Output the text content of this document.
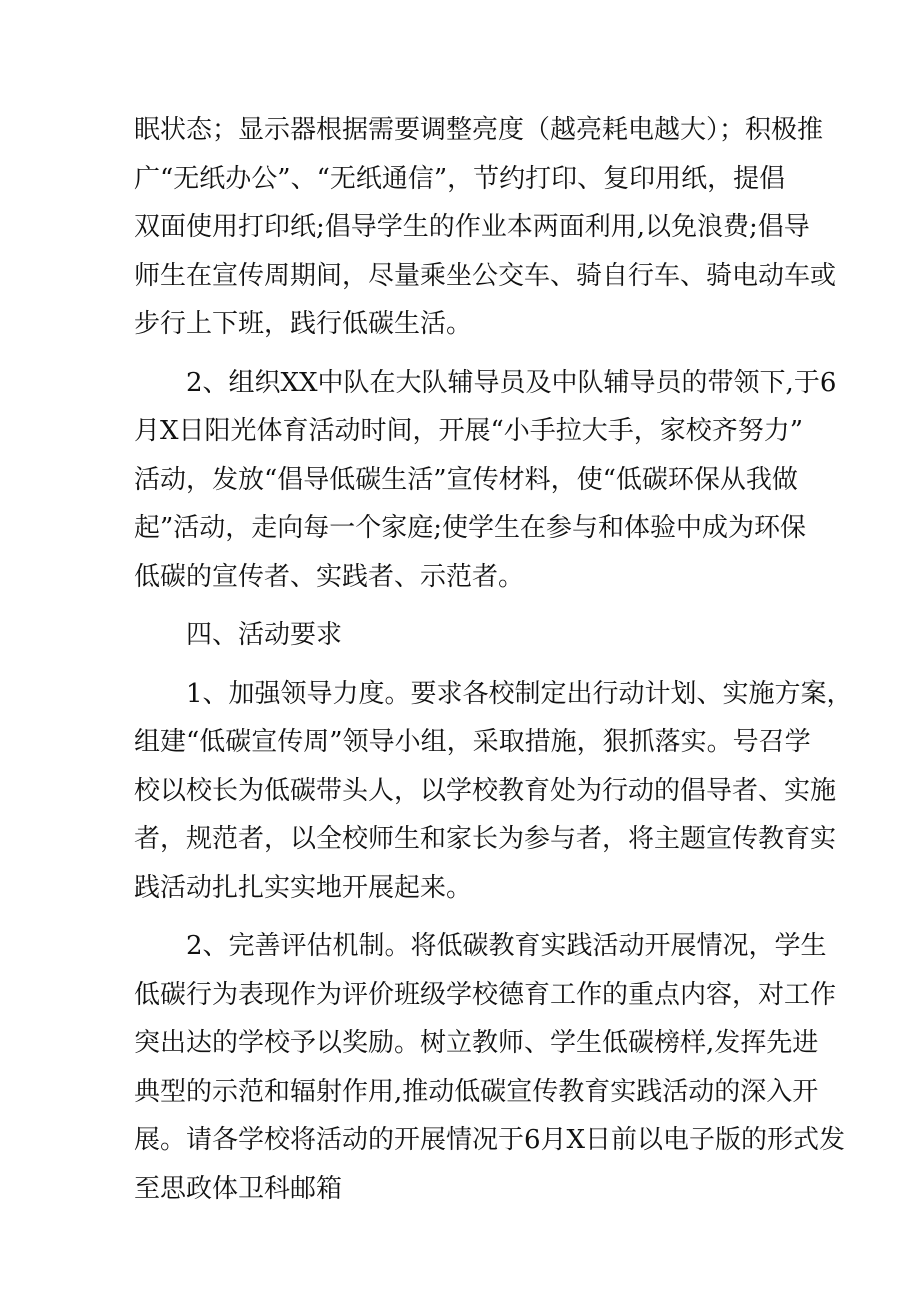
眠状态；显示器根据需要调整亮度（越亮耗电越大）；积极推
广“无纸办公”、“无纸通信”，节约打印、复印用纸，提倡
双面使用打印纸;倡导学生的作业本两面利用,以免浪费;倡导
师生在宣传周期间，尽量乘坐公交车、骑自行车、骑电动车或
步行上下班，践行低碳生活。
2、组织XX中队在大队辅导员及中队辅导员的带领下,于6
月X日阳光体育活动时间，开展“小手拉大手，家校齐努力”
活动，发放“倡导低碳生活”宣传材料，使“低碳环保从我做
起”活动，走向每一个家庭;使学生在参与和体验中成为环保
低碳的宣传者、实践者、示范者。
四、活动要求
1、加强领导力度。要求各校制定出行动计划、实施方案，
组建“低碳宣传周”领导小组，采取措施，狠抓落实。号召学
校以校长为低碳带头人，以学校教育处为行动的倡导者、实施
者，规范者，以全校师生和家长为参与者，将主题宣传教育实
践活动扎扎实实地开展起来。
2、完善评估机制。将低碳教育实践活动开展情况，学生
低碳行为表现作为评价班级学校德育工作的重点内容，对工作
突出达的学校予以奖励。树立教师、学生低碳榜样,发挥先进
典型的示范和辐射作用,推动低碳宣传教育实践活动的深入开
展。请各学校将活动的开展情况于6月X日前以电子版的形式发
至思政体卫科邮箱
